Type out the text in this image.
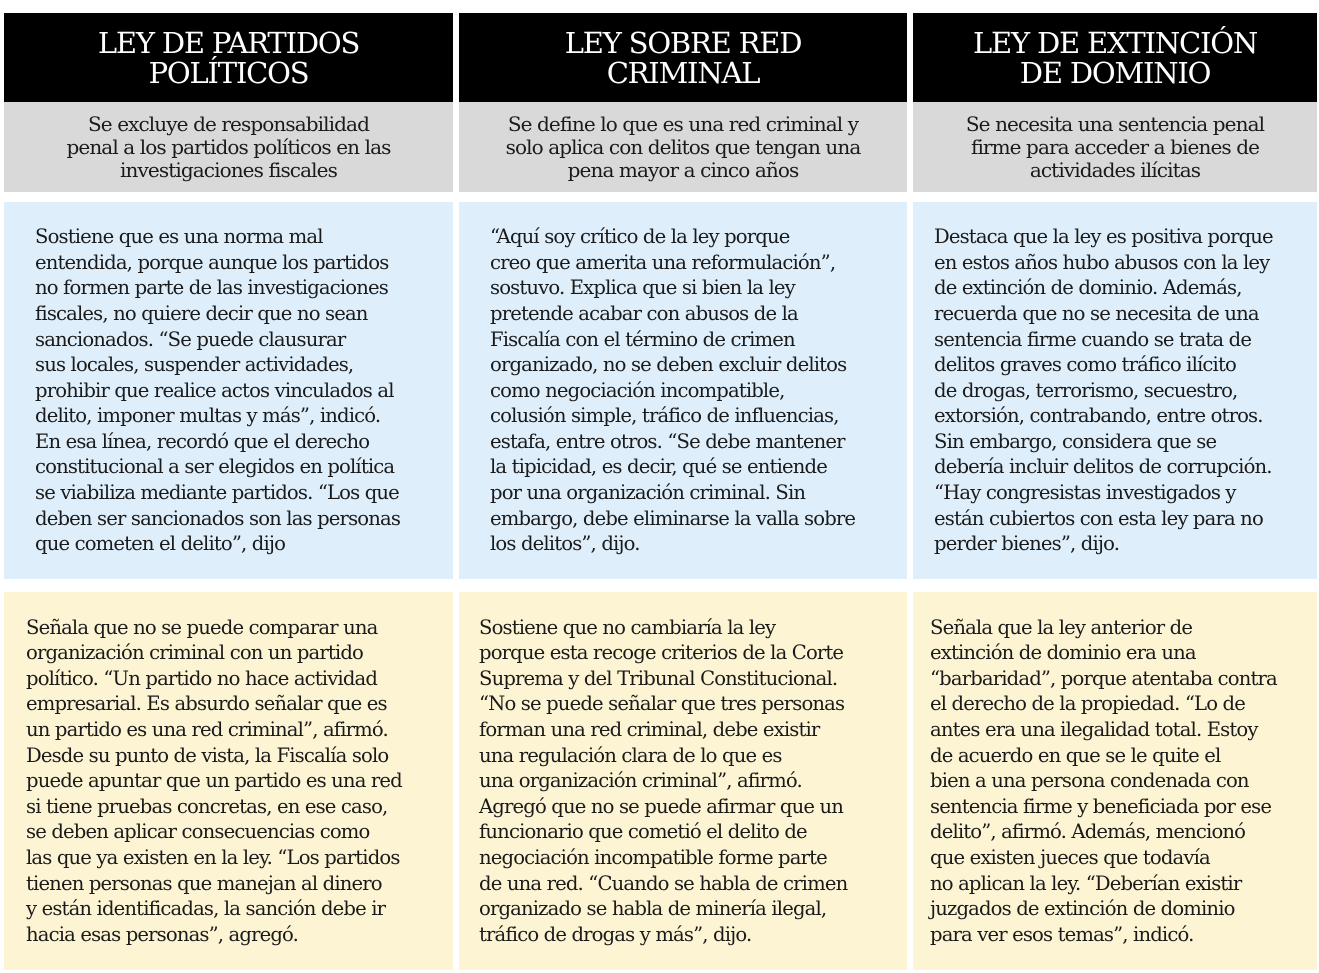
LEY DE PARTIDOS
POLÍTICOS
Se excluye de responsabilidad
penal a los partidos políticos en las
investigaciones fiscales
Sostiene que es una norma mal
entendida, porque aunque los partidos
no formen parte de las investigaciones
fiscales, no quiere decir que no sean
sancionados. “Se puede clausurar
sus locales, suspender actividades,
prohibir que realice actos vinculados al
delito, imponer multas y más”, indicó.
En esa línea, recordó que el derecho
constitucional a ser elegidos en política
se viabiliza mediante partidos. “Los que
deben ser sancionados son las personas
que cometen el delito”, dijo
Señala que no se puede comparar una
organización criminal con un partido
político. “Un partido no hace actividad
empresarial. Es absurdo señalar que es
un partido es una red criminal”, afirmó.
Desde su punto de vista, la Fiscalía solo
puede apuntar que un partido es una red
si tiene pruebas concretas, en ese caso,
se deben aplicar consecuencias como
las que ya existen en la ley. “Los partidos
tienen personas que manejan al dinero
y están identificadas, la sanción debe ir
hacia esas personas”, agregó.
LEY SOBRE RED
CRIMINAL
Se define lo que es una red criminal y
solo aplica con delitos que tengan una
pena mayor a cinco años
“Aquí soy crítico de la ley porque
creo que amerita una reformulación”,
sostuvo. Explica que si bien la ley
pretende acabar con abusos de la
Fiscalía con el término de crimen
organizado, no se deben excluir delitos
como negociación incompatible,
colusión simple, tráfico de influencias,
estafa, entre otros. “Se debe mantener
la tipicidad, es decir, qué se entiende
por una organización criminal. Sin
embargo, debe eliminarse la valla sobre
los delitos”, dijo.
Sostiene que no cambiaría la ley
porque esta recoge criterios de la Corte
Suprema y del Tribunal Constitucional.
“No se puede señalar que tres personas
forman una red criminal, debe existir
una regulación clara de lo que es
una organización criminal”, afirmó.
Agregó que no se puede afirmar que un
funcionario que cometió el delito de
negociación incompatible forme parte
de una red. “Cuando se habla de crimen
organizado se habla de minería ilegal,
tráfico de drogas y más”, dijo.
LEY DE EXTINCIÓN
DE DOMINIO
Se necesita una sentencia penal
firme para acceder a bienes de
actividades ilícitas
Destaca que la ley es positiva porque
en estos años hubo abusos con la ley
de extinción de dominio. Además,
recuerda que no se necesita de una
sentencia firme cuando se trata de
delitos graves como tráfico ilícito
de drogas, terrorismo, secuestro,
extorsión, contrabando, entre otros.
Sin embargo, considera que se
debería incluir delitos de corrupción.
“Hay congresistas investigados y
están cubiertos con esta ley para no
perder bienes”, dijo.
Señala que la ley anterior de
extinción de dominio era una
“barbaridad”, porque atentaba contra
el derecho de la propiedad. “Lo de
antes era una ilegalidad total. Estoy
de acuerdo en que se le quite el
bien a una persona condenada con
sentencia firme y beneficiada por ese
delito”, afirmó. Además, mencionó
que existen jueces que todavía
no aplican la ley. “Deberían existir
juzgados de extinción de dominio
para ver esos temas”, indicó.
